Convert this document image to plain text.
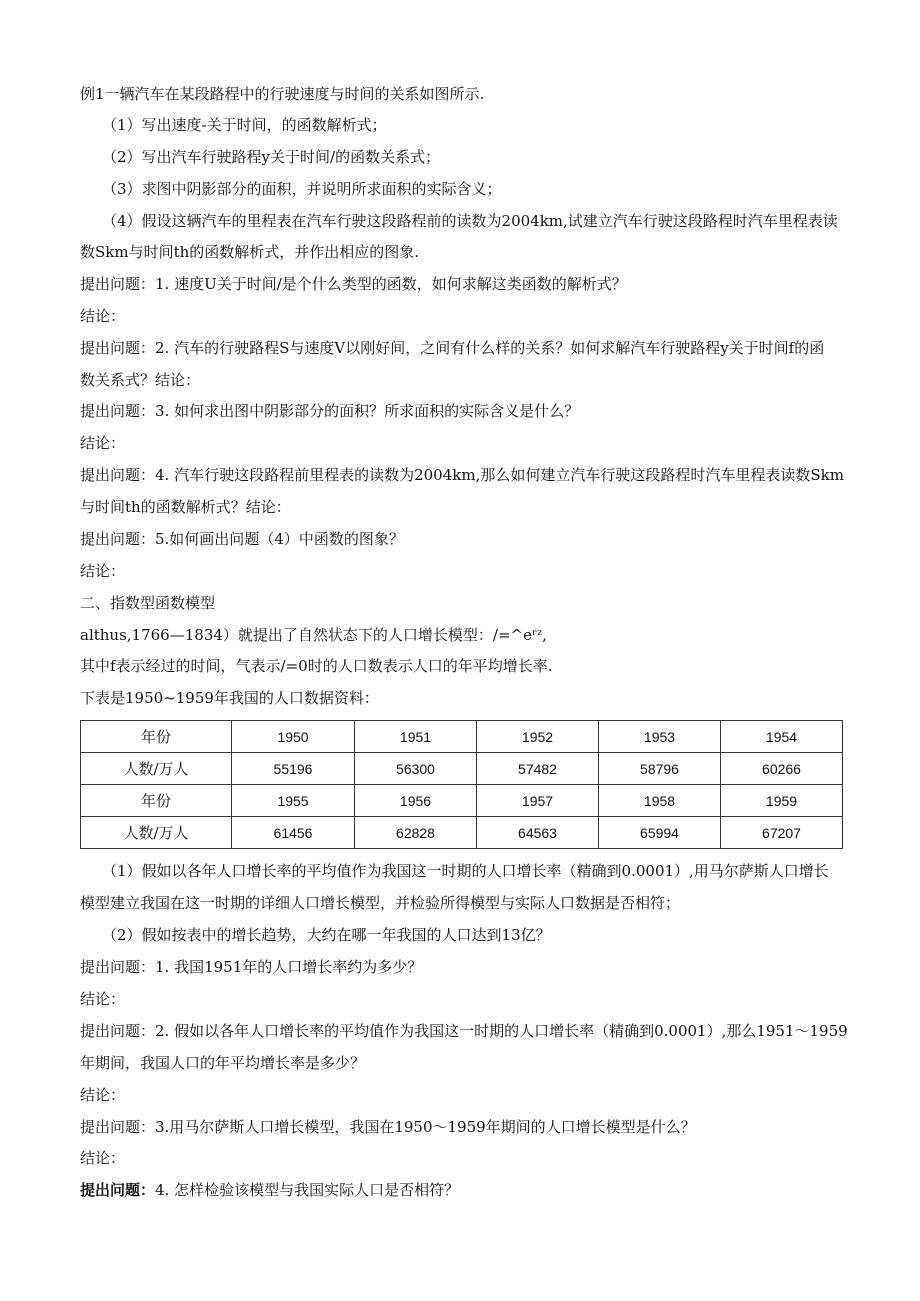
例1一辆汽车在某段路程中的行驶速度与时间的关系如图所示.
（1）写出速度-关于时间，的函数解析式；
（2）写出汽车行驶路程y关于时间/的函数关系式；
（3）求图中阴影部分的面积，并说明所求面积的实际含义；
（4）假设这辆汽车的里程表在汽车行驶这段路程前的读数为2004km,试建立汽车行驶这段路程时汽车里程表读
数Skm与时间th的函数解析式，并作出相应的图象.
提出问题：1. 速度U关于时间/是个什么类型的函数，如何求解这类函数的解析式？
结论：
提出问题：2. 汽车的行驶路程S与速度V以刚好间，之间有什么样的关系？如何求解汽车行驶路程y关于时间f的函
数关系式？结论：
提出问题：3. 如何求出图中阴影部分的面积？所求面积的实际含义是什么？
结论：
提出问题：4. 汽车行驶这段路程前里程表的读数为2004km,那么如何建立汽车行驶这段路程时汽车里程表读数Skm
与时间th的函数解析式？结论：
提出问题：5.如何画出问题（4）中函数的图象？
结论：
二、指数型函数模型
althus,1766—1834）就提出了自然状态下的人口增长模型：/=^eʳᶻ,
其中f表示经过的时间，气表示/=0时的人口数表示人口的年平均增长率.
下表是1950~1959年我国的人口数据资料：
年份	1950	1951	1952	1953	1954
人数/万人	55196	56300	57482	58796	60266
年份	1955	1956	1957	1958	1959
人数/万人	61456	62828	64563	65994	67207
（1）假如以各年人口增长率的平均值作为我国这一时期的人口增长率（精确到0.0001）,用马尔萨斯人口增长
模型建立我国在这一时期的详细人口增长模型，并检验所得模型与实际人口数据是否相符；
（2）假如按表中的增长趋势，大约在哪一年我国的人口达到13亿？
提出问题：1. 我国1951年的人口增长率约为多少？
结论：
提出问题：2. 假如以各年人口增长率的平均值作为我国这一时期的人口增长率（精确到0.0001）,那么1951～1959
年期间，我国人口的年平均增长率是多少？
结论：
提出问题：3.用马尔萨斯人口增长模型，我国在1950～1959年期间的人口增长模型是什么？
结论：
提出问题：4. 怎样检验该模型与我国实际人口是否相符？
